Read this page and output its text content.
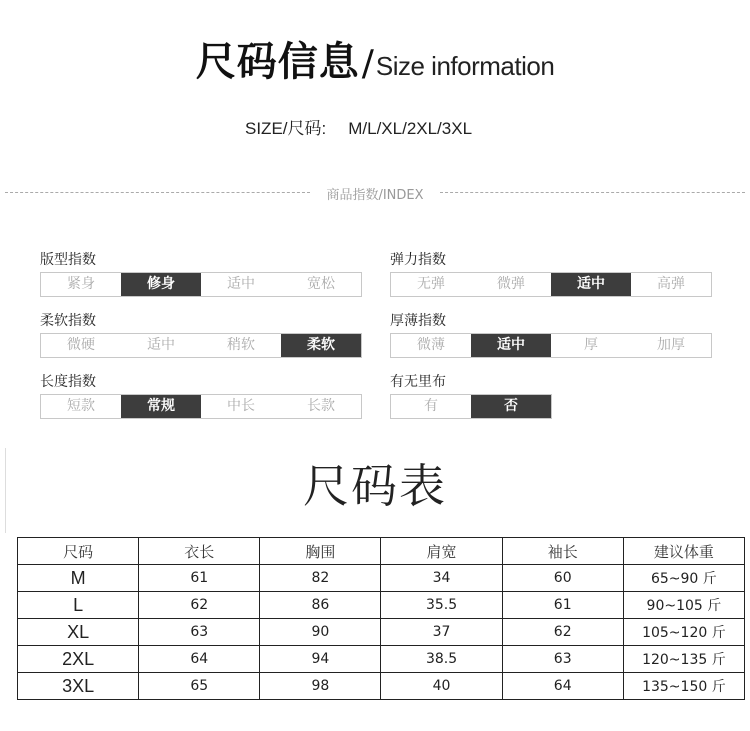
尺码信息/Size information
SIZE/尺码: M/L/XL/2XL/3XL
商品指数/INDEX
版型指数
紧身	修身	适中	宽松
弹力指数
无弹	微弹	适中	高弹
柔软指数
微硬	适中	稍软	柔软
厚薄指数
微薄	适中	厚	加厚
长度指数
短款	常规	中长	长款
有无里布
有	否
尺码表
尺码	衣长	胸围	肩宽	袖长	建议体重
M	61	82	34	60	65~90 斤
L	62	86	35.5	61	90~105 斤
XL	63	90	37	62	105~120 斤
2XL	64	94	38.5	63	120~135 斤
3XL	65	98	40	64	135~150 斤
